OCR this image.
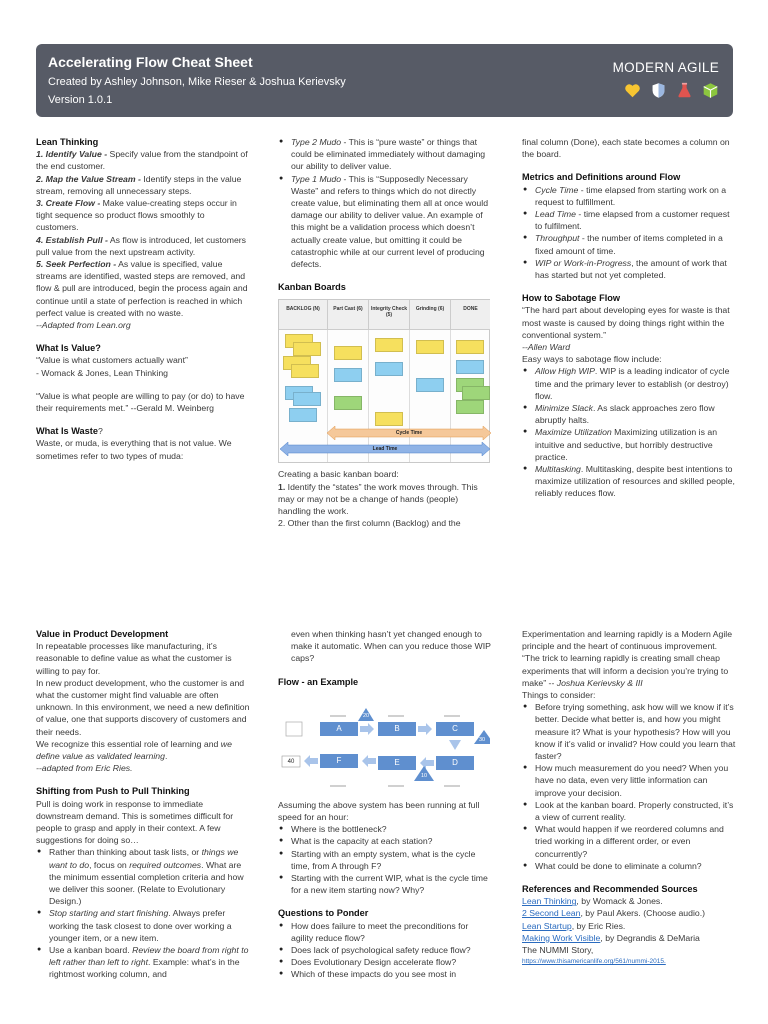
Accelerating Flow Cheat Sheet
Created by Ashley Johnson, Mike Rieser & Joshua Kerievsky
Version 1.0.1
MODERN AGILE

Lean Thinking

1. Identify Value - Specify value from the standpoint of the end customer.

2. Map the Value Stream - Identify steps in the value stream, removing all unnecessary steps.

3. Create Flow - Make value-creating steps occur in tight sequence so product flows smoothly to customers.

4. Establish Pull - As flow is introduced, let customers pull value from the next upstream activity.

5. Seek Perfection - As value is specified, value streams are identified, wasted steps are removed, and flow & pull are introduced, begin the process again and continue until a state of perfection is reached in which perfect value is created with no waste.

--Adapted from Lean.org

What Is Value?

“Value is what customers actually want”

- Womack & Jones, Lean Thinking

“Value is what people are willing to pay (or do) to have their requirements met.” --Gerald M. Weinberg

What Is Waste?

Waste, or muda, is everything that is not value. We sometimes refer to two types of muda:

● Type 2 Mudo - This is “pure waste” or things that could be eliminated immediately without damaging our ability to deliver value.
● Type 1 Mudo - This is “Supposedly Necessary Waste” and refers to things which do not directly create value, but eliminating them all at once would damage our ability to deliver value. An example of this might be a validation process which doesn’t actually create value, but omitting it could be catastrophic while at our current level of producing defects.

Kanban Boards

BACKLOG (N)	Part Cast (6)	Integrity Check (5)
Grinding (6)	DONE
Cycle Time
Lead Time

Creating a basic kanban board:

1. Identify the “states” the work moves through. This may or may not be a change of hands (people) handling the work.

2. Other than the first column (Backlog) and the

final column (Done), each state becomes a column on the board.

Metrics and Definitions around Flow

● Cycle Time - time elapsed from starting work on a request to fulfillment.
● Lead Time - time elapsed from a customer request to fulfilment.
● Throughput - the number of items completed in a fixed amount of time.
● WIP or Work-in-Progress, the amount of work that has started but not yet completed.

How to Sabotage Flow

“The hard part about developing eyes for waste is that most waste is caused by doing things right within the conventional system.”

--Allen Ward

Easy ways to sabotage flow include:

● Allow High WIP. WIP is a leading indicator of cycle time and the primary lever to establish (or destroy) flow.
● Minimize Slack. As slack approaches zero flow abruptly halts.
● Maximize Utilization Maximizing utilization is an intuitive and seductive, but horribly destructive practice.
● Multitasking. Multitasking, despite best intentions to maximize utilization of resources and skilled people, reliably reduces flow.

Value in Product Development

In repeatable processes like manufacturing, it’s reasonable to define value as what the customer is willing to pay for.

In new product development, who the customer is and what the customer might find valuable are often unknown. In this environment, we need a new definition of value, one that supports discovery of customers and their needs.

We recognize this essential role of learning and we define value as validated learning.

--adapted from Eric Ries.

Shifting from Push to Pull Thinking

Pull is doing work in response to immediate downstream demand. This is sometimes difficult for people to grasp and apply in their context. A few suggestions for doing so…

● Rather than thinking about task lists, or things we want to do, focus on required outcomes. What are the minimum essential completion criteria and how we deliver this sooner. (Relate to Evolutionary Design.)
● Stop starting and start finishing. Always prefer working the task closest to done over working a younger item, or a new item.
● Use a kanban board. Review the board from right to left rather than left to right. Example: what’s in the rightmost working column, and

even when thinking hasn’t yet changed enough to make it automatic. When can you reduce those WIP caps?

Flow - an Example

A	B	C
D
E
F
20
30
10
40

Assuming the above system has been running at full speed for an hour:

● Where is the bottleneck?
● What is the capacity at each station?
● Starting with an empty system, what is the cycle time, from A through F?
● Starting with the current WIP, what is the cycle time for a new item starting now? Why?

Questions to Ponder

● How does failure to meet the preconditions for agility reduce flow?
● Does lack of psychological safety reduce flow?
● Does Evolutionary Design accelerate flow?
● Which of these impacts do you see most in

Experimentation and learning rapidly is a Modern Agile principle and the heart of continuous improvement.

“The trick to learning rapidly is creating small cheap experiments that will inform a decision you’re trying to make” -- Joshua Kerievsky & III

Things to consider:

● Before trying something, ask how will we know if it’s better. Decide what better is, and how you might measure it? What is your hypothesis? How will you know if it’s valid or invalid? How could you learn that faster?
● How much measurement do you need? When you have no data, even very little information can improve your decision.
● Look at the kanban board. Properly constructed, it’s a view of current reality.
● What would happen if we reordered columns and tried working in a different order, or even concurrently?
● What could be done to eliminate a column?

References and Recommended Sources

Lean Thinking, by Womack & Jones.

2 Second Lean, by Paul Akers. (Choose audio.)

Lean Startup, by Eric Ries.

Making Work Visible, by Degrandis & DeMaria

The NUMMI Story,

https://www.thisamericanlife.org/561/nummi-2015.
